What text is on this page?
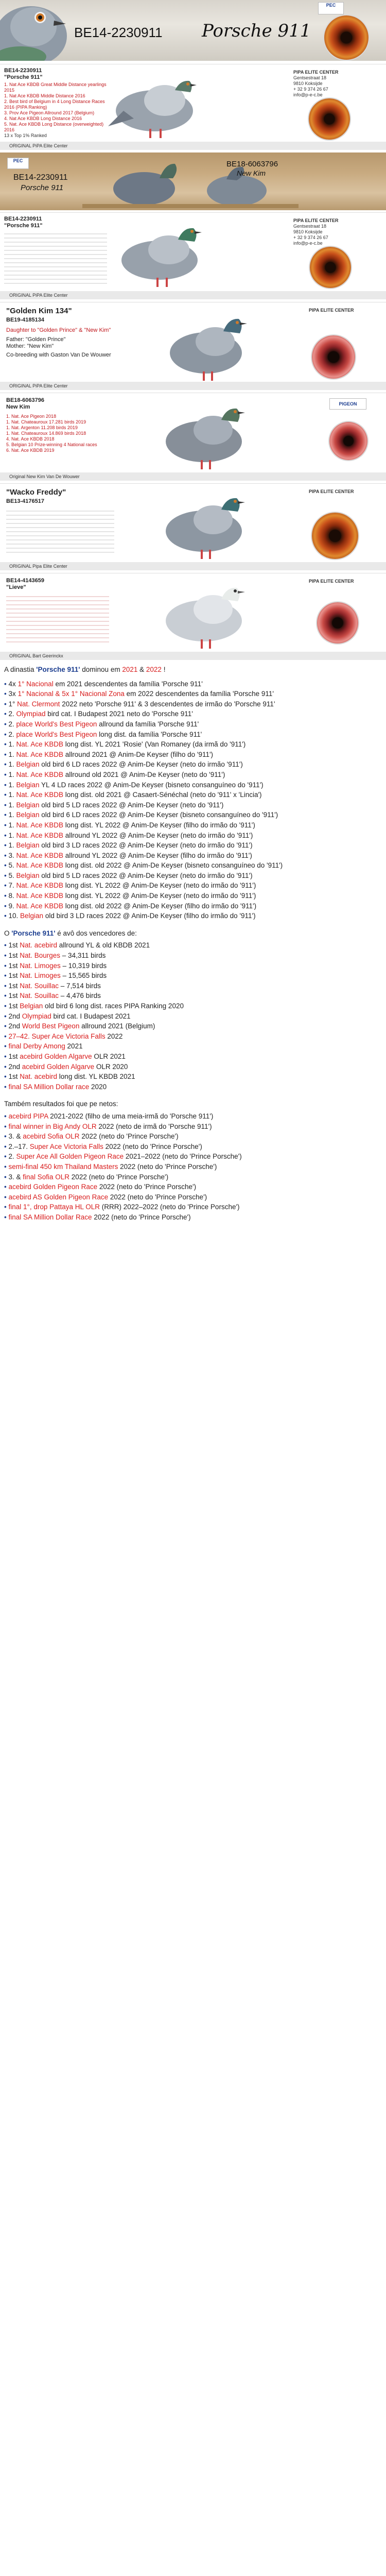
PEC
BE14-2230911 Porsche 911
BE14-2230911
"Porsche 911"
1. Nat Ace KBDB Great Middle Distance yearlings 2015
1. Nat Ace KBDB Middle Distance 2016
2. Best bird of Belgium in 4 Long Distance Races 2016 (PIPA Ranking)
3. Prov Ace Pigeon Allround 2017 (Belgium)
4. Nat Ace KBDB Long Distance 2016
5. Nat. Ace KBDB Long Distance (overweighted) 2016
13 x Top 1% Ranked
PIPA ELITE CENTER
Gentsestraat 18
9810 Koksijde
+ 32 9 374 26 67
info@p-e-c.be
ORIGINAL PiPA Elite Center
PEC
BE14-2230911
Porsche 911
BE18-6063796
New Kim
BE14-2230911
"Porsche 911"
PIPA ELITE CENTER
Gentsestraat 18
9810 Koksijde
+ 32 9 374 26 67
info@p-e-c.be
ORIGINAL PiPA Elite Center
"Golden Kim 134"
BE19-4185134
Daughter to "Golden Prince" & "New Kim"
Father: "Golden Prince"
Mother: "New Kim"
Co-breeding with Gaston Van De Wouwer
PIPA ELITE CENTER
ORIGINAL PiPA Elite Center
BE18-6063796
New Kim
1. Nat. Ace Pigeon 2018
1. Nat. Chateauroux 17.281 birds 2019
1. Nat. Argenton 11.208 birds 2019
1. Nat. Chateauroux 14.869 birds 2018
4. Nat. Ace KBDB 2018
5. Belgian 10 Prize-winning 4 National races
6. Nat. Ace KBDB 2019
PIGEON
Original New Kim Van De Wouwer
"Wacko Freddy"
BE13-4176517
PIPA ELITE CENTER
ORIGINAL Pipa Elite Center
BE14-4143659
"Lieve"
PIPA ELITE CENTER
ORIGINAL Bart Geerinckx
A dinastia 'Porsche 911' dominou em 2021 & 2022 !
• 4x 1° Nacional em 2021 descendentes da família 'Porsche 911'
• 3x 1° Nacional & 5x 1° Nacional Zona em 2022 descendentes da família 'Porsche 911'
• 1° Nat. Clermont 2022 neto 'Porsche 911' & 3 descendentes de irmão do 'Porsche 911'
• 2. Olympiad bird cat. I Budapest 2021 neto do 'Porsche 911'
• 2. place World's Best Pigeon allround da família 'Porsche 911'
• 2. place World's Best Pigeon long dist. da família 'Porsche 911'
• 1. Nat. Ace KBDB long dist. YL 2021 'Rosie' (Van Romaney (da irmã do '911')
• 1. Nat. Ace KBDB allround 2021 @ Anim-De Keyser (filho do '911')
• 1. Belgian old bird 6 LD races 2022 @ Anim-De Keyser (neto do irmão '911')
• 1. Nat. Ace KBDB allround old 2021 @ Anim-De Keyser (neto do '911')
• 1. Belgian YL 4 LD races 2022 @ Anim-De Keyser (bisneto consanguíneo do '911')
• 1. Nat. Ace KBDB long dist. old 2021 @ Casaert-Sénéchal (neto do '911' x 'Lincia')
• 1. Belgian old bird 5 LD races 2022 @ Anim-De Keyser (neto do '911')
• 1. Belgian old bird 6 LD races 2022 @ Anim-De Keyser (bisneto consanguíneo do '911')
• 1. Nat. Ace KBDB long dist. YL 2022 @ Anim-De Keyser (filho do irmão do '911')
• 1. Nat. Ace KBDB allround YL 2022 @ Anim-De Keyser (neto do irmão do '911')
• 1. Belgian old bird 3 LD races 2022 @ Anim-De Keyser (neto do irmão do '911')
• 3. Nat. Ace KBDB allround YL 2022 @ Anim-De Keyser (filho do irmão do '911')
• 5. Nat. Ace KBDB long dist. old 2022 @ Anim-De Keyser (bisneto consanguíneo do '911')
• 5. Belgian old bird 5 LD races 2022 @ Anim-De Keyser (neto do irmão do '911')
• 7. Nat. Ace KBDB long dist. YL 2022 @ Anim-De Keyser (neto do irmão do '911')
• 8. Nat. Ace KBDB long dist. YL 2022 @ Anim-De Keyser (neto do irmão do '911')
• 9. Nat. Ace KBDB long dist. old 2022 @ Anim-De Keyser (filho do irmão do '911')
• 10. Belgian old bird 3 LD races 2022 @ Anim-De Keyser (filho do irmão do '911')
O 'Porsche 911' é avô dos vencedores de:
• 1st Nat. acebird allround YL & old KBDB 2021
• 1st Nat. Bourges – 34,311 birds
• 1st Nat. Limoges – 10,319 birds
• 1st Nat. Limoges – 15,565 birds
• 1st Nat. Souillac – 7,514 birds
• 1st Nat. Souillac – 4,476 birds
• 1st Belgian old bird 6 long dist. races PIPA Ranking 2020
• 2nd Olympiad bird cat. I Budapest 2021
• 2nd World Best Pigeon allround 2021 (Belgium)
• 27–42. Super Ace Victoria Falls 2022
• final Derby Among 2021
• 1st acebird Golden Algarve OLR 2021
• 2nd acebird Golden Algarve OLR 2020
• 1st Nat. acebird long dist. YL KBDB 2021
• final SA Million Dollar race 2020
Também resultados foi que pe netos:
• acebird PIPA 2021-2022 (filho de uma meia-irmã do 'Porsche 911')
• final winner in Big Andy OLR 2022 (neto de irmã do 'Porsche 911')
• 3. & acebird Sofia OLR 2022 (neto do 'Prince Porsche')
• 2.–17. Super Ace Victoria Falls 2022 (neto do 'Prince Porsche')
• 2. Super Ace All Golden Pigeon Race 2021–2022 (neto do 'Prince Porsche')
• semi-final 450 km Thailand Masters 2022 (neto do 'Prince Porsche')
• 3. & final Sofia OLR 2022 (neto do 'Prince Porsche')
• acebird Golden Pigeon Race 2022 (neto do 'Prince Porsche')
• acebird AS Golden Pigeon Race 2022 (neto do 'Prince Porsche')
• final 1°, drop Pattaya HL OLR (RRR) 2022–2022 (neto do 'Prince Porsche')
• final SA Million Dollar Race 2022 (neto do 'Prince Porsche')
